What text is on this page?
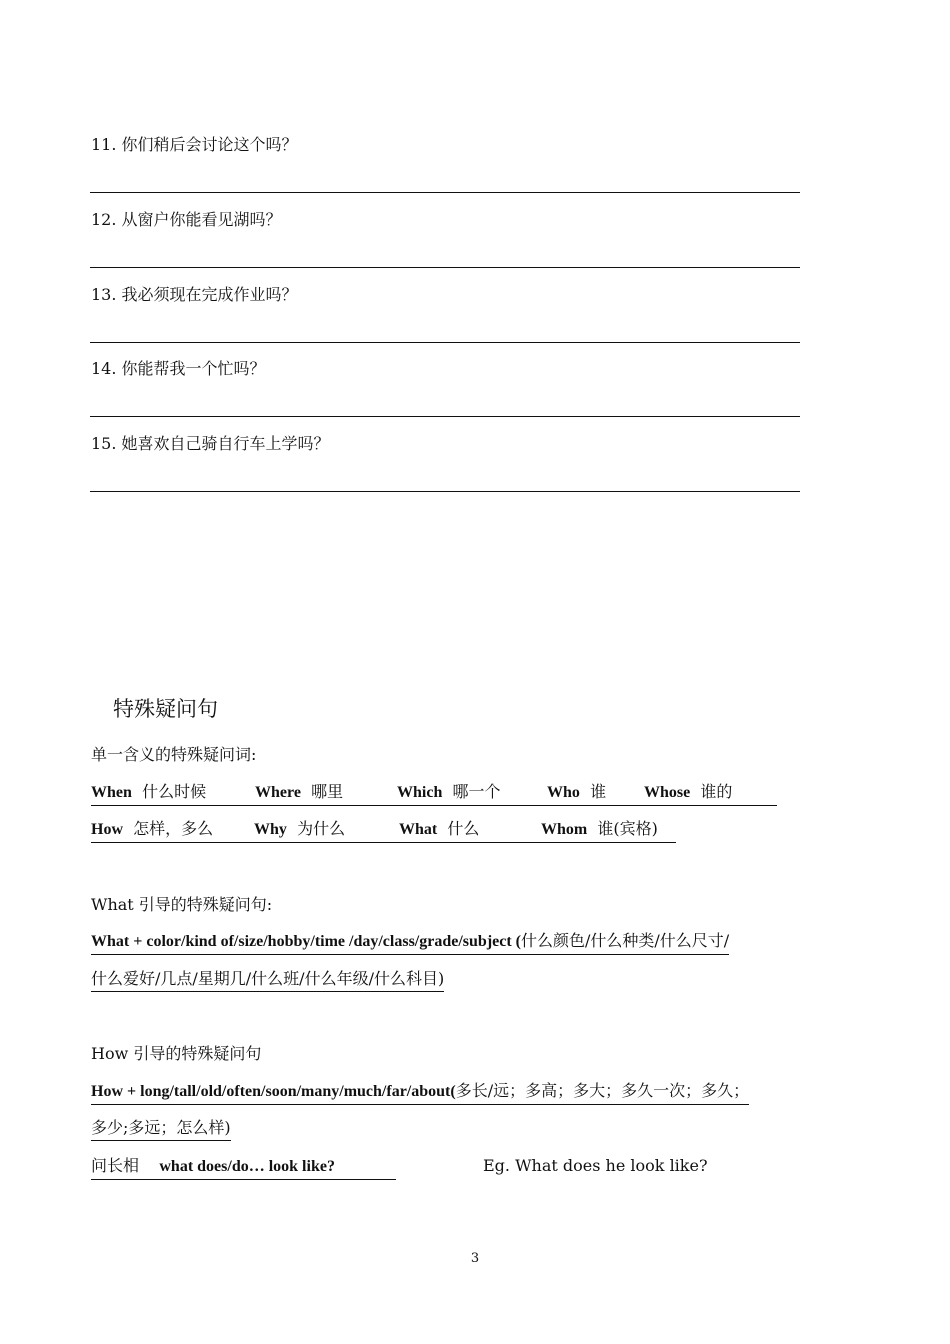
11. 你们稍后会讨论这个吗？
12. 从窗户你能看见湖吗？
13. 我必须现在完成作业吗？
14. 你能帮我一个忙吗？
15. 她喜欢自己骑自行车上学吗？
特殊疑问句
单一含义的特殊疑问词:
When 什么时候	Where 哪里	Which 哪一个	Who 谁 Whose 谁的
How 怎样，多么	Why 为什么	What 什么	Whom 谁(宾格)
What 引导的特殊疑问句:
What + color/kind of/size/hobby/time /day/class/grade/subject (什么颜色/什么种类/什么尺寸/
什么爱好/几点/星期几/什么班/什么年级/什么科目)
How 引导的特殊疑问句
How + long/tall/old/often/soon/many/much/far/about(多长/远；多高；多大；多久一次；多久；
多少;多远；怎么样)
问长相 what does/do… look like?	Eg. What does he look like?
3
